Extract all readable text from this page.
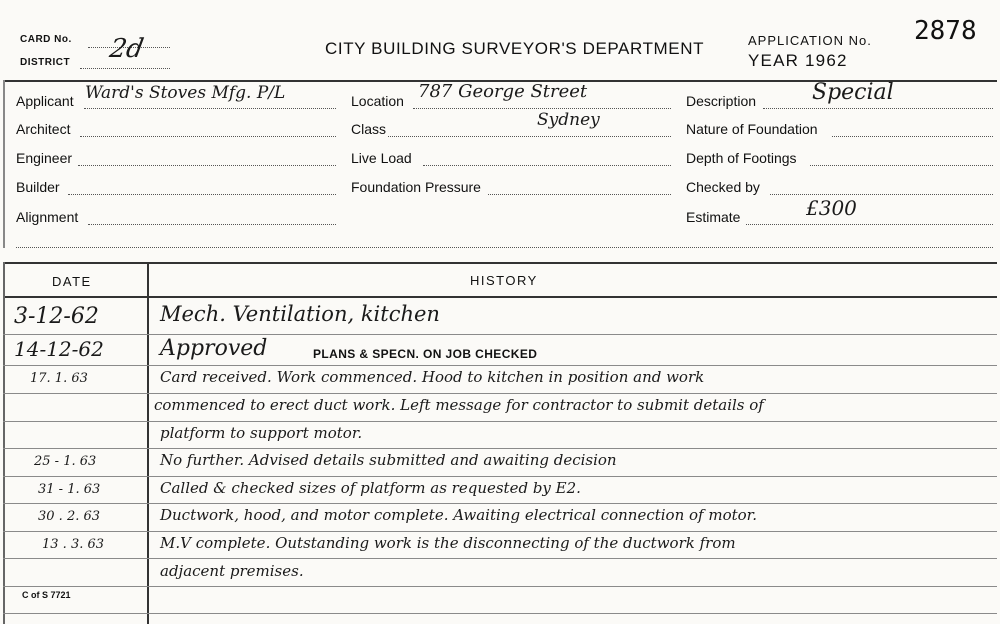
CARD No.
DISTRICT 2d	CITY BUILDING SURVEYOR'S DEPARTMENT	APPLICATION No.
YEAR 1962
2878
Applicant Ward's Stoves Mfg. P/L
Architect
Engineer
Builder
Alignment
Location 787 George Street
Class	Sydney
Live Load
Foundation Pressure
Description	Special
Nature of Foundation
Depth of Footings
Checked by
Estimate	£300
DATE	HISTORY
3-12-62	Mech. Ventilation, kitchen
14-12-62	Approved	PLANS & SPECN. ON JOB CHECKED
17. 1. 63	Card received. Work commenced. Hood to kitchen in position and work
commenced to erect duct work. Left message for contractor to submit details of
platform to support motor.
25 - 1. 63	No further. Advised details submitted and awaiting decision
31 - 1. 63	Called & checked sizes of platform as requested by E2.
30 . 2. 63	Ductwork, hood, and motor complete. Awaiting electrical connection of motor.
13 . 3. 63	M.V complete. Outstanding work is the disconnecting of the ductwork from
adjacent premises.
C of S 7721
